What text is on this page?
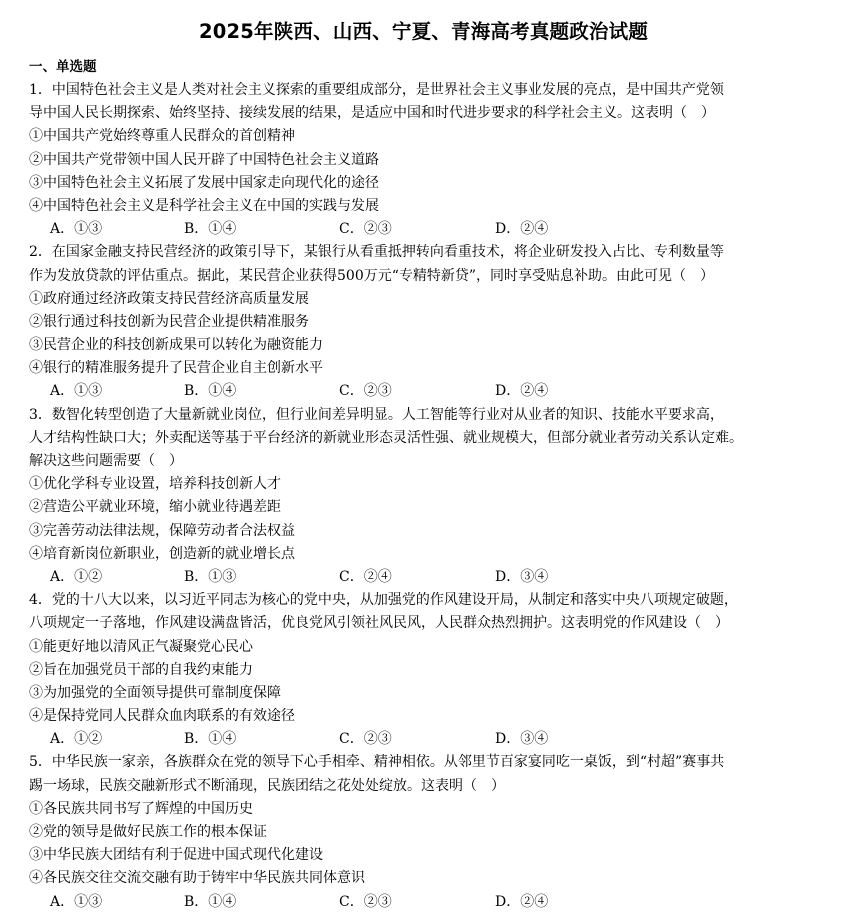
2025年陕西、山西、宁夏、青海高考真题政治试题
一、单选题
1．中国特色社会主义是人类对社会主义探索的重要组成部分，是世界社会主义事业发展的亮点，是中国共产党领
导中国人民长期探索、始终坚持、接续发展的结果，是适应中国和时代进步要求的科学社会主义。这表明（　）
①中国共产党始终尊重人民群众的首创精神
②中国共产党带领中国人民开辟了中国特色社会主义道路
③中国特色社会主义拓展了发展中国家走向现代化的途径
④中国特色社会主义是科学社会主义在中国的实践与发展
A．①③	B．①④	C．②③	D．②④
2．在国家金融支持民营经济的政策引导下，某银行从看重抵押转向看重技术，将企业研发投入占比、专利数量等
作为发放贷款的评估重点。据此，某民营企业获得500万元“专精特新贷”，同时享受贴息补助。由此可见（　）
①政府通过经济政策支持民营经济高质量发展
②银行通过科技创新为民营企业提供精准服务
③民营企业的科技创新成果可以转化为融资能力
④银行的精准服务提升了民营企业自主创新水平
A．①③	B．①④	C．②③	D．②④
3．数智化转型创造了大量新就业岗位，但行业间差异明显。人工智能等行业对从业者的知识、技能水平要求高，
人才结构性缺口大；外卖配送等基于平台经济的新就业形态灵活性强、就业规模大，但部分就业者劳动关系认定难。
解决这些问题需要（　）
①优化学科专业设置，培养科技创新人才
②营造公平就业环境，缩小就业待遇差距
③完善劳动法律法规，保障劳动者合法权益
④培育新岗位新职业，创造新的就业增长点
A．①②	B．①③	C．②④	D．③④
4．党的十八大以来，以习近平同志为核心的党中央，从加强党的作风建设开局，从制定和落实中央八项规定破题，
八项规定一子落地，作风建设满盘皆活，优良党风引领社风民风，人民群众热烈拥护。这表明党的作风建设（　）
①能更好地以清风正气凝聚党心民心
②旨在加强党员干部的自我约束能力
③为加强党的全面领导提供可靠制度保障
④是保持党同人民群众血肉联系的有效途径
A．①②	B．①④	C．②③	D．③④
5．中华民族一家亲，各族群众在党的领导下心手相牵、精神相依。从邻里节百家宴同吃一桌饭，到“村超”赛事共
踢一场球，民族交融新形式不断涌现，民族团结之花处处绽放。这表明（　）
①各民族共同书写了辉煌的中国历史
②党的领导是做好民族工作的根本保证
③中华民族大团结有利于促进中国式现代化建设
④各民族交往交流交融有助于铸牢中华民族共同体意识
A．①③	B．①④	C．②③	D．②④
